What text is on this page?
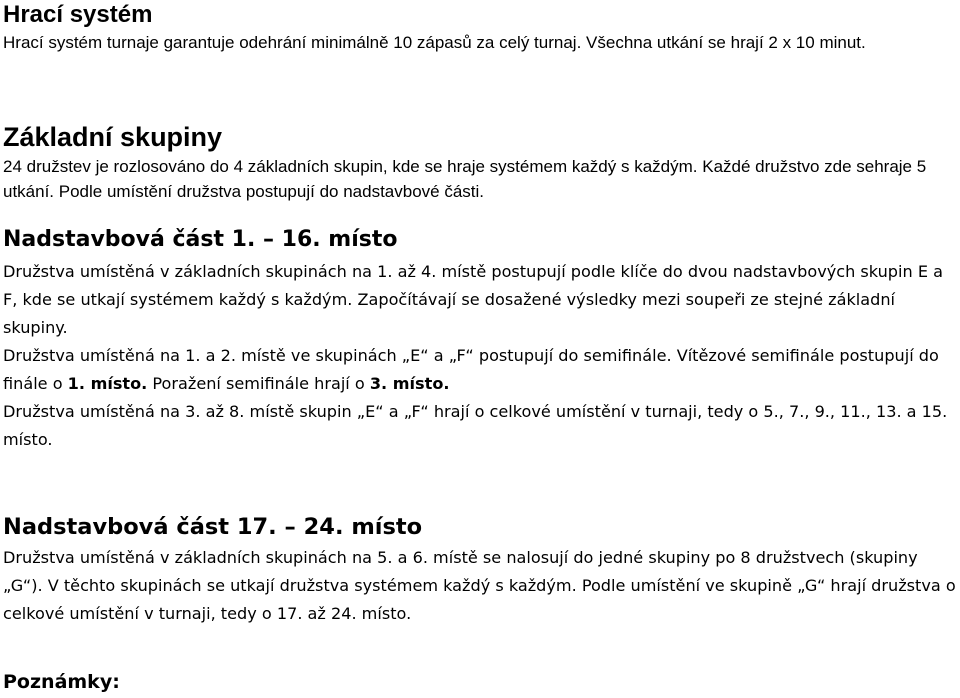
Hrací systém

Hrací systém turnaje garantuje odehrání minimálně 10 zápasů za celý turnaj. Všechna utkání se hrají 2 x 10 minut.

Základní skupiny

24 družstev je rozlosováno do 4 základních skupin, kde se hraje systémem každý s každým. Každé družstvo zde sehraje 5 utkání. Podle umístění družstva postupují do nadstavbové části.

Nadstavbová část 1. – 16. místo

Družstva umístěná v základních skupinách na 1. až 4. místě postupují podle klíče do dvou nadstavbových skupin E a F, kde se utkají systémem každý s každým. Započítávají se dosažené výsledky mezi soupeři ze stejné základní skupiny.

Družstva umístěná na 1. a 2. místě ve skupinách „E“ a „F“ postupují do semifinále. Vítězové semifinále postupují do finále o 1. místo. Poražení semifinále hrají o 3. místo.

Družstva umístěná na 3. až 8. místě skupin „E“ a „F“ hrají o celkové umístění v turnaji, tedy o 5., 7., 9., 11., 13. a 15. místo.

Nadstavbová část 17. – 24. místo

Družstva umístěná v základních skupinách na 5. a 6. místě se nalosují do jedné skupiny po 8 družstvech (skupiny „G“). V těchto skupinách se utkají družstva systémem každý s každým. Podle umístění ve skupině „G“ hrají družstva o celkové umístění v turnaji, tedy o 17. až 24. místo.

Poznámky:
